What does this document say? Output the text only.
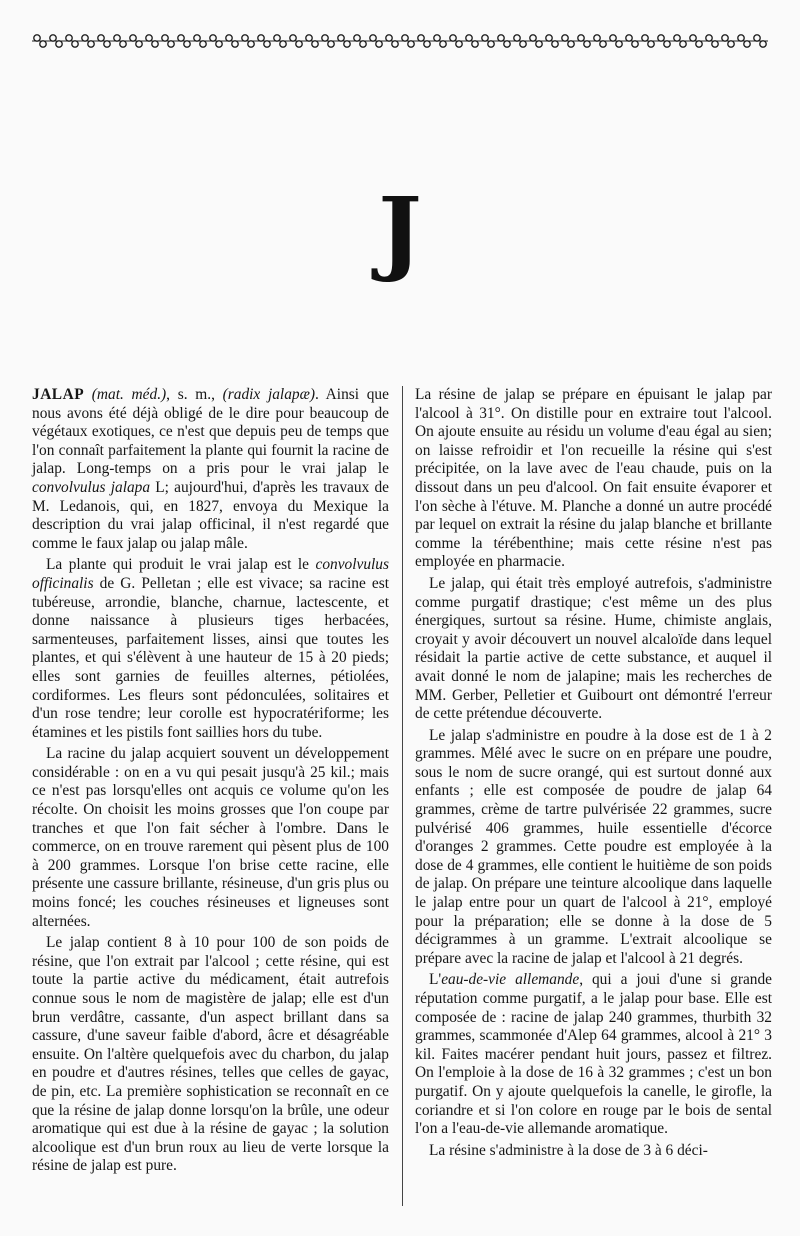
J

JALAP (mat. méd.), s. m., (radix jalapæ). Ainsi que nous avons été déjà obligé de le dire pour beaucoup de végétaux exotiques, ce n'est que depuis peu de temps que l'on connaît parfaitement la plante qui fournit la racine de jalap. Long-temps on a pris pour le vrai jalap le convolvulus jalapa L; aujourd'hui, d'après les travaux de M. Ledanois, qui, en 1827, envoya du Mexique la description du vrai jalap officinal, il n'est regardé que comme le faux jalap ou jalap mâle.

La plante qui produit le vrai jalap est le convolvulus officinalis de G. Pelletan ; elle est vivace; sa racine est tubéreuse, arrondie, blanche, charnue, lactescente, et donne naissance à plusieurs tiges herbacées, sarmenteuses, parfaitement lisses, ainsi que toutes les plantes, et qui s'élèvent à une hauteur de 15 à 20 pieds; elles sont garnies de feuilles alternes, pétiolées, cordiformes. Les fleurs sont pédonculées, solitaires et d'un rose tendre; leur corolle est hypocratériforme; les étamines et les pistils font saillies hors du tube.

La racine du jalap acquiert souvent un développement considérable : on en a vu qui pesait jusqu'à 25 kil.; mais ce n'est pas lorsqu'elles ont acquis ce volume qu'on les récolte. On choisit les moins grosses que l'on coupe par tranches et que l'on fait sécher à l'ombre. Dans le commerce, on en trouve rarement qui pèsent plus de 100 à 200 grammes. Lorsque l'on brise cette racine, elle présente une cassure brillante, résineuse, d'un gris plus ou moins foncé; les couches résineuses et ligneuses sont alternées.

Le jalap contient 8 à 10 pour 100 de son poids de résine, que l'on extrait par l'alcool ; cette résine, qui est toute la partie active du médicament, était autrefois connue sous le nom de magistère de jalap; elle est d'un brun verdâtre, cassante, d'un aspect brillant dans sa cassure, d'une saveur faible d'abord, âcre et désagréable ensuite. On l'altère quelquefois avec du charbon, du jalap en poudre et d'autres résines, telles que celles de gayac, de pin, etc. La première sophistication se reconnaît en ce que la résine de jalap donne lorsqu'on la brûle, une odeur aromatique qui est due à la résine de gayac ; la solution alcoolique est d'un brun roux au lieu de verte lorsque la résine de jalap est pure.

La résine de jalap se prépare en épuisant le jalap par l'alcool à 31°. On distille pour en extraire tout l'alcool. On ajoute ensuite au résidu un volume d'eau égal au sien; on laisse refroidir et l'on recueille la résine qui s'est précipitée, on la lave avec de l'eau chaude, puis on la dissout dans un peu d'alcool. On fait ensuite évaporer et l'on sèche à l'étuve. M. Planche a donné un autre procédé par lequel on extrait la résine du jalap blanche et brillante comme la térébenthine; mais cette résine n'est pas employée en pharmacie.

Le jalap, qui était très employé autrefois, s'administre comme purgatif drastique; c'est même un des plus énergiques, surtout sa résine. Hume, chimiste anglais, croyait y avoir découvert un nouvel alcaloïde dans lequel résidait la partie active de cette substance, et auquel il avait donné le nom de jalapine; mais les recherches de MM. Gerber, Pelletier et Guibourt ont démontré l'erreur de cette prétendue découverte.

Le jalap s'administre en poudre à la dose est de 1 à 2 grammes. Mêlé avec le sucre on en prépare une poudre, sous le nom de sucre orangé, qui est surtout donné aux enfants ; elle est composée de poudre de jalap 64 grammes, crème de tartre pulvérisée 22 grammes, sucre pulvérisé 406 grammes, huile essentielle d'écorce d'oranges 2 grammes. Cette poudre est employée à la dose de 4 grammes, elle contient le huitième de son poids de jalap. On prépare une teinture alcoolique dans laquelle le jalap entre pour un quart de l'alcool à 21°, employé pour la préparation; elle se donne à la dose de 5 décigrammes à un gramme. L'extrait alcoolique se prépare avec la racine de jalap et l'alcool à 21 degrés.

L'eau-de-vie allemande, qui a joui d'une si grande réputation comme purgatif, a le jalap pour base. Elle est composée de : racine de jalap 240 grammes, thurbith 32 grammes, scammonée d'Alep 64 grammes, alcool à 21° 3 kil. Faites macérer pendant huit jours, passez et filtrez. On l'emploie à la dose de 16 à 32 grammes ; c'est un bon purgatif. On y ajoute quelquefois la canelle, le girofle, la coriandre et si l'on colore en rouge par le bois de sental l'on a l'eau-de-vie allemande aromatique.

La résine s'administre à la dose de 3 à 6 déci-
